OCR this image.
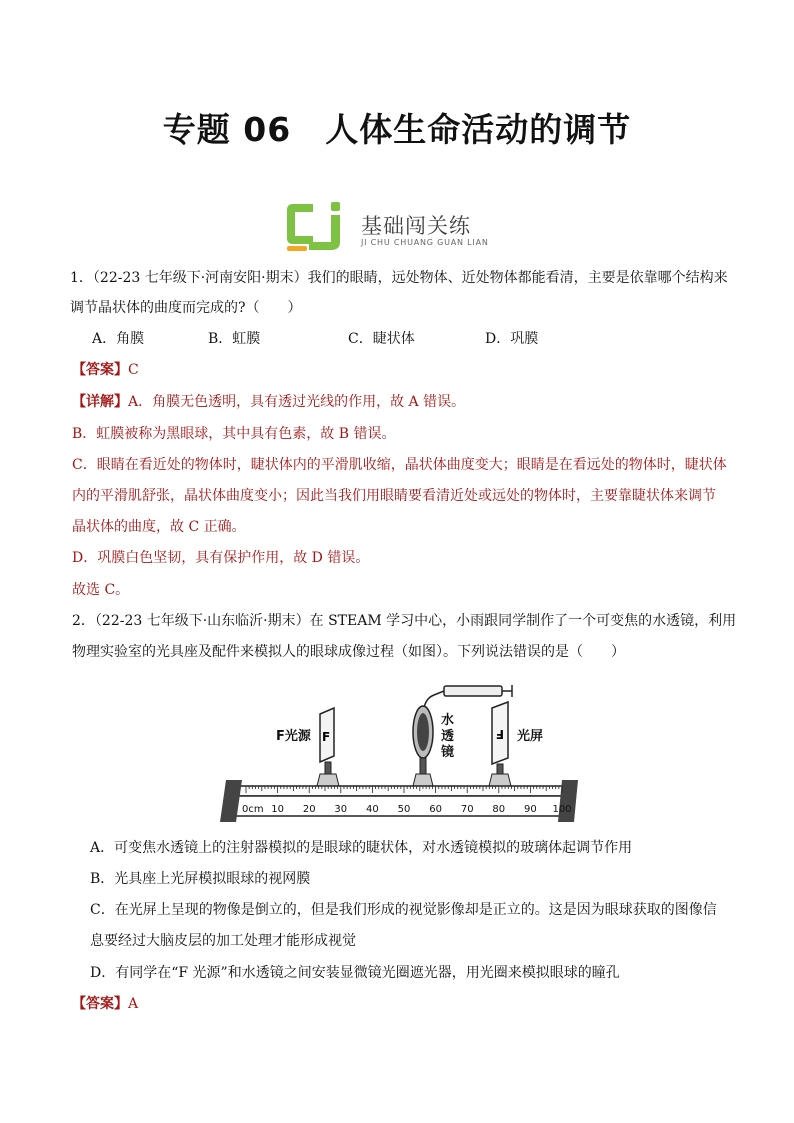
专题 06　人体生命活动的调节
基础闯关练
JI CHU CHUANG GUAN LIAN
1．（22-23 七年级下·河南安阳·期末）我们的眼睛，远处物体、近处物体都能看清，主要是依靠哪个结构来
调节晶状体的曲度而完成的?（　　）
A．角膜	B．虹膜	C．睫状体	D．巩膜
【答案】C
【详解】A．角膜无色透明，具有透过光线的作用，故 A 错误。
B．虹膜被称为黑眼球，其中具有色素，故 B 错误。
C．眼睛在看近处的物体时，睫状体内的平滑肌收缩，晶状体曲度变大；眼睛是在看远处的物体时，睫状体
内的平滑肌舒张，晶状体曲度变小；因此当我们用眼睛要看清近处或远处的物体时，主要靠睫状体来调节
晶状体的曲度，故 C 正确。
D．巩膜白色坚韧，具有保护作用，故 D 错误。
故选 C。
2．（22-23 七年级下·山东临沂·期末）在 STEAM 学习中心，小雨跟同学制作了一个可变焦的水透镜，利用
物理实验室的光具座及配件来模拟人的眼球成像过程（如图）。下列说法错误的是（　　）
水
透
镜
F光源	光屏
F	F
0cm 10 20 30 40 50 60 70 80 90 100
A．可变焦水透镜上的注射器模拟的是眼球的睫状体，对水透镜模拟的玻璃体起调节作用
B．光具座上光屏模拟眼球的视网膜
C．在光屏上呈现的物像是倒立的，但是我们形成的视觉影像却是正立的。这是因为眼球获取的图像信
息要经过大脑皮层的加工处理才能形成视觉
D．有同学在“F 光源”和水透镜之间安装显微镜光圈遮光器，用光圈来模拟眼球的瞳孔
【答案】A
